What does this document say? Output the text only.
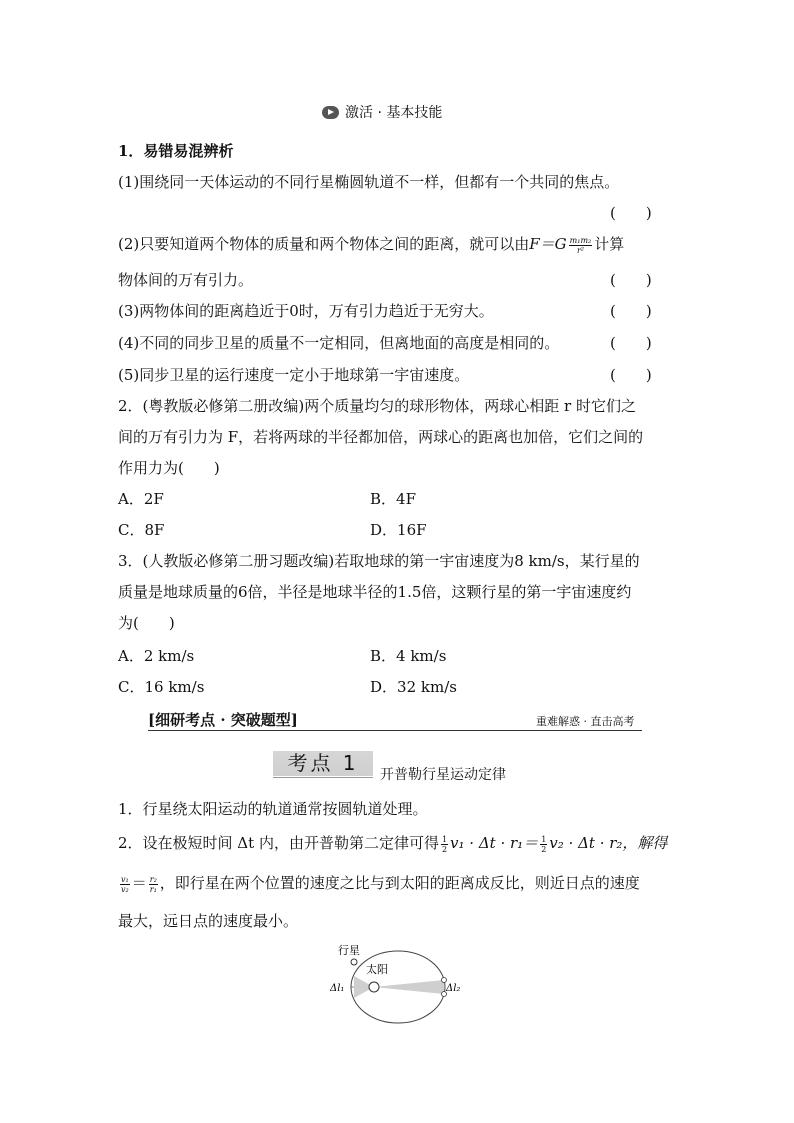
激活 · 基本技能
1．易错易混辨析
(1)围绕同一天体运动的不同行星椭圆轨道不一样，但都有一个共同的焦点。
(　　)
(2)只要知道两个物体的质量和两个物体之间的距离，就可以由$F=G \frac{\text{m₁m₂}}{\text{r²}}$ 计算
物体间的万有引力。	(　　)
(3)两物体间的距离趋近于0时，万有引力趋近于无穷大。	(　　)
(4)不同的同步卫星的质量不一定相同，但离地面的高度是相同的。	(　　)
(5)同步卫星的运行速度一定小于地球第一宇宙速度。	(　　)
2．(粤教版必修第二册改编)两个质量均匀的球形物体，两球心相距 r 时它们之
间的万有引力为 F，若将两球的半径都加倍，两球心的距离也加倍，它们之间的
作用力为(　　)
A．2F	B．4F
C．8F	D．16F
3．(人教版必修第二册习题改编)若取地球的第一宇宙速度为8 km/s，某行星的
质量是地球质量的6倍，半径是地球半径的1.5倍，这颗行星的第一宇宙速度约
为(　　)
A．2 km/s	B．4 km/s
C．16 km/s	D．32 km/s
[细研考点 · 突破题型]	重难解惑 · 直击高考
考点 1	开普勒行星运动定律
1．行星绕太阳运动的轨道通常按圆轨道处理。
2．设在极短时间 Δt 内，由开普勒第二定律可得 $\frac{1}{2} v_1 \cdot \Delta t \cdot r_1= \frac{1}{2} v_2 \cdot \Delta t \cdot r_2$，解得
$\frac{\text{v₁}}{\text{v₂}} = \frac{\text{r₂}}{\text{r₁}}$ ，即行星在两个位置的速度之比与到太阳的距离成反比，则近日点的速度
最大，远日点的速度最小。
行星
太阳
Δl₁	Δl₂
